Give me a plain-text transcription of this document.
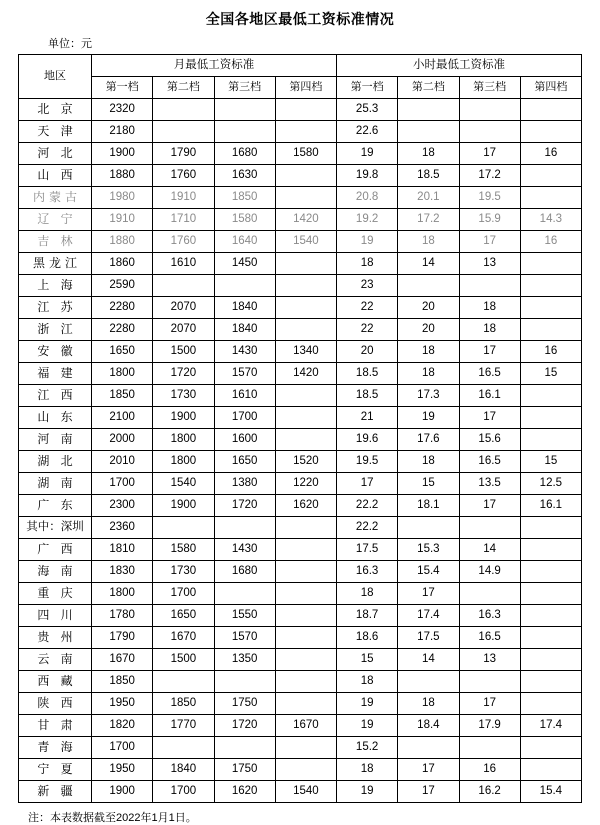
全国各地区最低工资标准情况
单位：元
地区	月最低工资标准				小时最低工资标准			
	第一档	第二档	第三档	第四档	第一档	第二档	第三档	第四档
北 京	2320				25.3			
天 津	2180				22.6			
河 北	1900	1790	1680	1580	19	18	17	16
山 西	1880	1760	1630		19.8	18.5	17.2	
内蒙古	1980	1910	1850		20.8	20.1	19.5	
辽 宁	1910	1710	1580	1420	19.2	17.2	15.9	14.3
吉 林	1880	1760	1640	1540	19	18	17	16
黑龙江	1860	1610	1450		18	14	13	
上 海	2590				23			
江 苏	2280	2070	1840		22	20	18	
浙 江	2280	2070	1840		22	20	18	
安 徽	1650	1500	1430	1340	20	18	17	16
福 建	1800	1720	1570	1420	18.5	18	16.5	15
江 西	1850	1730	1610		18.5	17.3	16.1	
山 东	2100	1900	1700		21	19	17	
河 南	2000	1800	1600		19.6	17.6	15.6	
湖 北	2010	1800	1650	1520	19.5	18	16.5	15
湖 南	1700	1540	1380	1220	17	15	13.5	12.5
广 东	2300	1900	1720	1620	22.2	18.1	17	16.1
其中：深圳	2360				22.2			
广 西	1810	1580	1430		17.5	15.3	14	
海 南	1830	1730	1680		16.3	15.4	14.9	
重 庆	1800	1700			18	17		
四 川	1780	1650	1550		18.7	17.4	16.3	
贵 州	1790	1670	1570		18.6	17.5	16.5	
云 南	1670	1500	1350		15	14	13	
西 藏	1850				18			
陕 西	1950	1850	1750		19	18	17	
甘 肃	1820	1770	1720	1670	19	18.4	17.9	17.4
青 海	1700				15.2			
宁 夏	1950	1840	1750		18	17	16	
新 疆	1900	1700	1620	1540	19	17	16.2	15.4
注：本表数据截至2022年1月1日。
